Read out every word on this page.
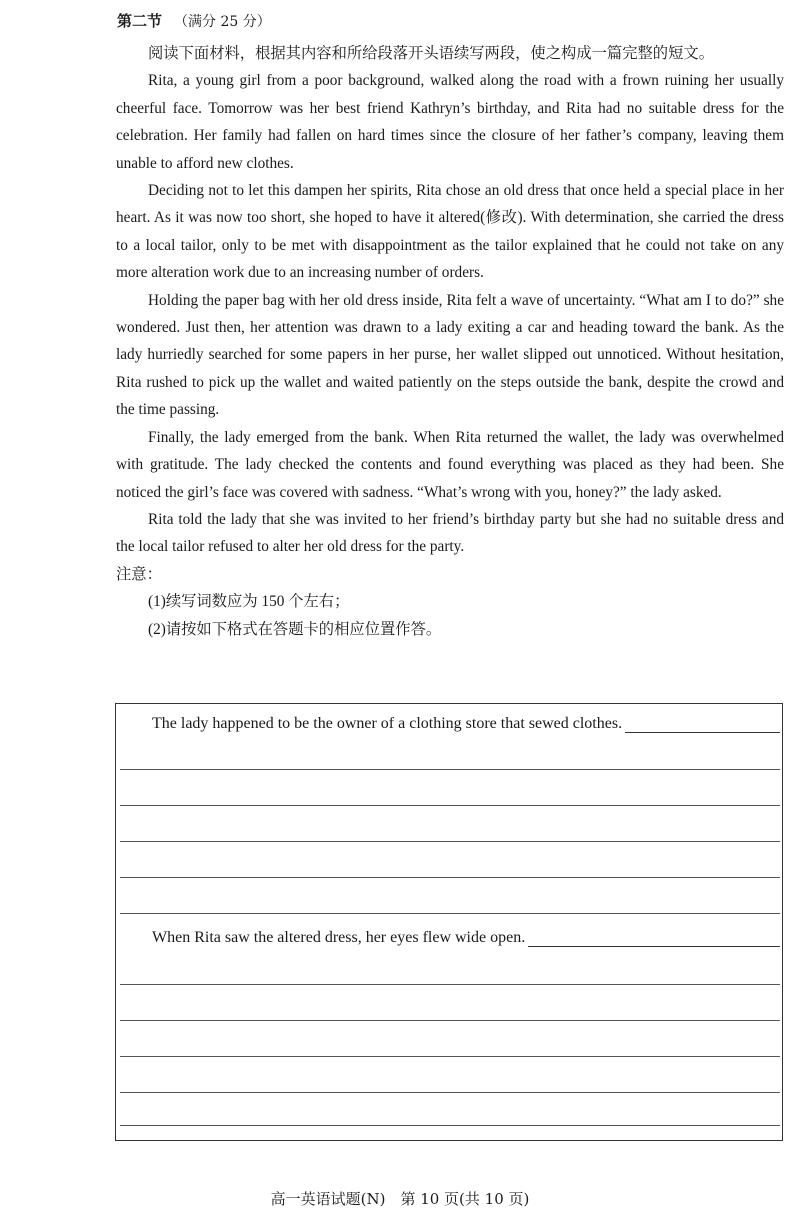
第二节 （满分 25 分）

阅读下面材料，根据其内容和所给段落开头语续写两段，使之构成一篇完整的短文。

Rita, a young girl from a poor background, walked along the road with a frown ruining her usually cheerful face. Tomorrow was her best friend Kathryn’s birthday, and Rita had no suitable dress for the celebration. Her family had fallen on hard times since the closure of her father’s company, leaving them unable to afford new clothes.

Deciding not to let this dampen her spirits, Rita chose an old dress that once held a special place in her heart. As it was now too short, she hoped to have it altered(修改). With determination, she carried the dress to a local tailor, only to be met with disappointment as the tailor explained that he could not take on any more alteration work due to an increasing number of orders.

Holding the paper bag with her old dress inside, Rita felt a wave of uncertainty. “What am I to do?” she wondered. Just then, her attention was drawn to a lady exiting a car and heading toward the bank. As the lady hurriedly searched for some papers in her purse, her wallet slipped out unnoticed. Without hesitation, Rita rushed to pick up the wallet and waited patiently on the steps outside the bank, despite the crowd and the time passing.

Finally, the lady emerged from the bank. When Rita returned the wallet, the lady was overwhelmed with gratitude. The lady checked the contents and found everything was placed as they had been. She noticed the girl’s face was covered with sadness. “What’s wrong with you, honey?” the lady asked.

Rita told the lady that she was invited to her friend’s birthday party but she had no suitable dress and the local tailor refused to alter her old dress for the party.

注意：
(1)续写词数应为 150 个左右；
(2)请按如下格式在答题卡的相应位置作答。
The lady happened to be the owner of a clothing store that sewed clothes.
When Rita saw the altered dress, her eyes flew wide open.
高一英语试题(N)　第 10 页(共 10 页)
